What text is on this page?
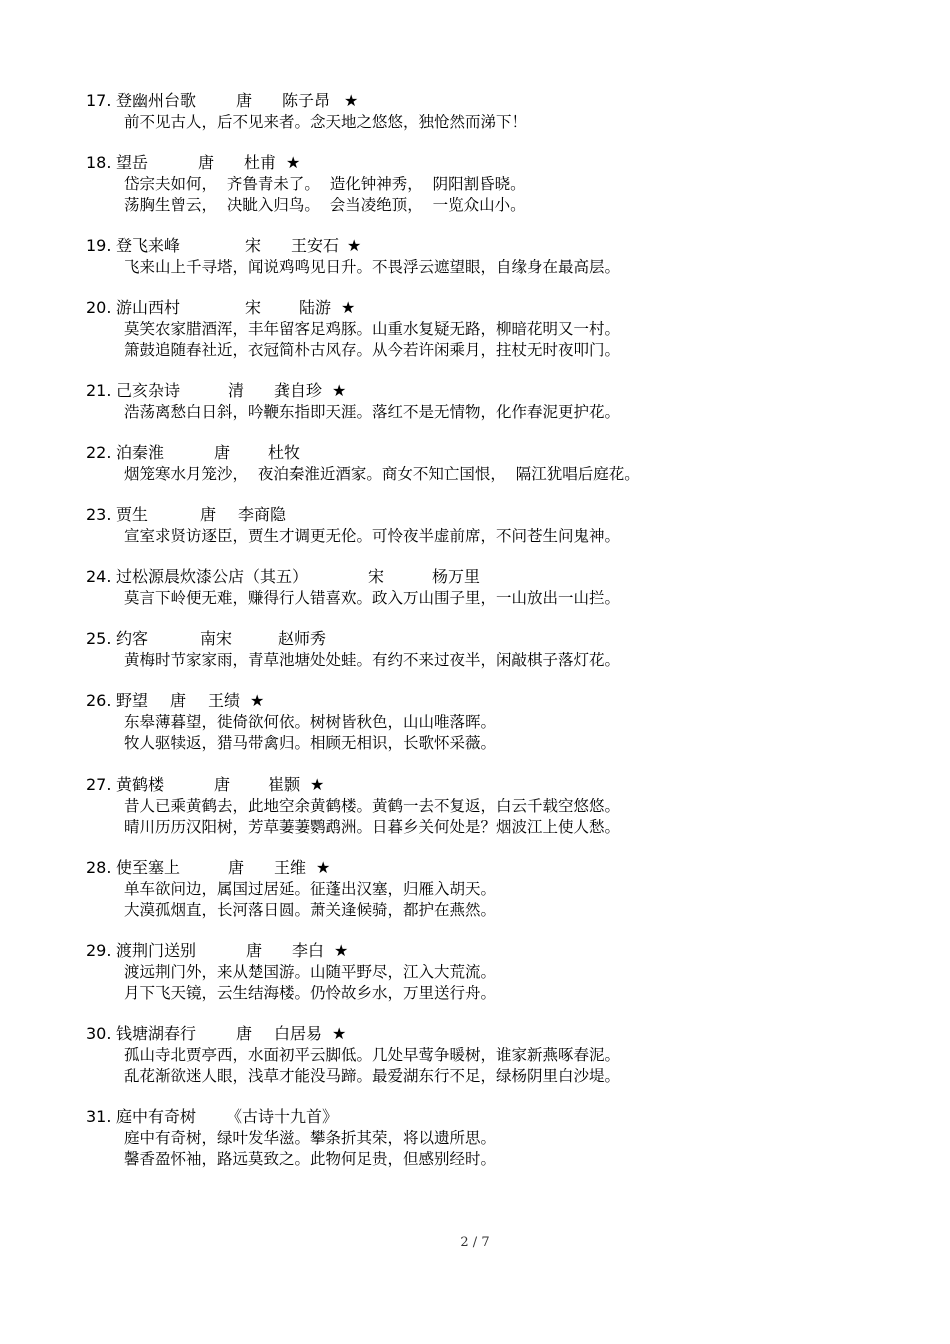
17. 登幽州台歌	唐 陈子昂 ★
前不见古人，后不见来者。念天地之悠悠，独怆然而涕下！
18. 望岳	唐 杜甫 ★
岱宗夫如何，  齐鲁青未了。  造化钟神秀，  阴阳割昏晓。
荡胸生曾云，  决眦入归鸟。  会当凌绝顶，  一览众山小。
19. 登飞来峰	宋 王安石 ★
飞来山上千寻塔，闻说鸡鸣见日升。不畏浮云遮望眼，自缘身在最高层。
20. 游山西村	宋 陆游 ★
莫笑农家腊酒浑，丰年留客足鸡豚。山重水复疑无路，柳暗花明又一村。
箫鼓追随春社近，衣冠简朴古风存。从今若许闲乘月，拄杖无时夜叩门。
21. 己亥杂诗	清 龚自珍 ★
浩荡离愁白日斜，吟鞭东指即天涯。落红不是无情物，化作春泥更护花。
22. 泊秦淮	唐 杜牧
烟笼寒水月笼沙，  夜泊秦淮近酒家。商女不知亡国恨，  隔江犹唱后庭花。
23. 贾生	唐 李商隐
宣室求贤访逐臣，贾生才调更无伦。可怜夜半虚前席，不问苍生问鬼神。
24. 过松源晨炊漆公店（其五）	宋	杨万里
莫言下岭便无难，赚得行人错喜欢。政入万山围子里，一山放出一山拦。
25. 约客	南宋	赵师秀
黄梅时节家家雨，青草池塘处处蛙。有约不来过夜半，闲敲棋子落灯花。
26. 野望 唐 王绩 ★
东皋薄暮望，徙倚欲何依。树树皆秋色，山山唯落晖。
牧人驱犊返，猎马带禽归。相顾无相识，长歌怀采薇。
27. 黄鹤楼	唐 崔颢 ★
昔人已乘黄鹤去，此地空余黄鹤楼。黄鹤一去不复返，白云千载空悠悠。
晴川历历汉阳树，芳草萋萋鹦鹉洲。日暮乡关何处是？烟波江上使人愁。
28. 使至塞上	唐 王维 ★
单车欲问边，属国过居延。征蓬出汉塞，归雁入胡天。
大漠孤烟直，长河落日圆。萧关逢候骑，都护在燕然。
29. 渡荆门送别	唐 李白 ★
渡远荆门外，来从楚国游。山随平野尽，江入大荒流。
月下飞天镜，云生结海楼。仍怜故乡水，万里送行舟。
30. 钱塘湖春行	唐 白居易 ★
孤山寺北贾亭西，水面初平云脚低。几处早莺争暖树，谁家新燕啄春泥。
乱花渐欲迷人眼，浅草才能没马蹄。最爱湖东行不足，绿杨阴里白沙堤。
31. 庭中有奇树 《古诗十九首》
庭中有奇树，绿叶发华滋。攀条折其荣，将以遗所思。
馨香盈怀袖，路远莫致之。此物何足贵，但感别经时。
2 / 7
